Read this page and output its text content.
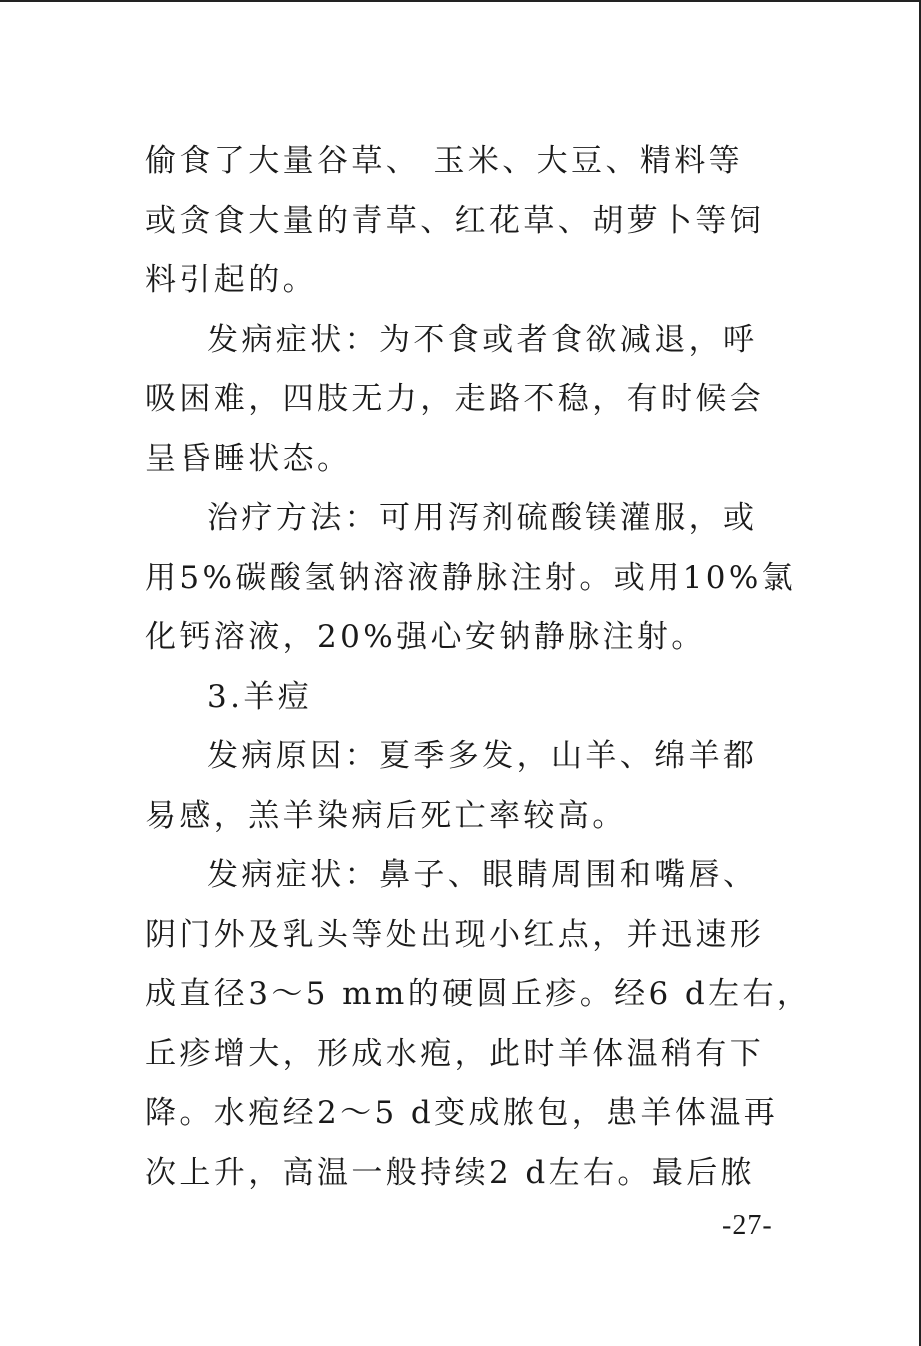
偷食了大量谷草、 玉米、大豆、精料等
或贪食大量的青草、红花草、胡萝卜等饲
料引起的。
发病症状：为不食或者食欲减退，呼
吸困难，四肢无力，走路不稳，有时候会
呈昏睡状态。
治疗方法：可用泻剂硫酸镁灌服，或
用5%碳酸氢钠溶液静脉注射。或用10%氯
化钙溶液，20%强心安钠静脉注射。
3.羊痘
发病原因：夏季多发，山羊、绵羊都
易感，羔羊染病后死亡率较高。
发病症状：鼻子、眼睛周围和嘴唇、
阴门外及乳头等处出现小红点，并迅速形
成直径3～5 mm的硬圆丘疹。经6 d左右，
丘疹增大，形成水疱，此时羊体温稍有下
降。水疱经2～5 d变成脓包，患羊体温再
次上升，高温一般持续2 d左右。最后脓
-27-
